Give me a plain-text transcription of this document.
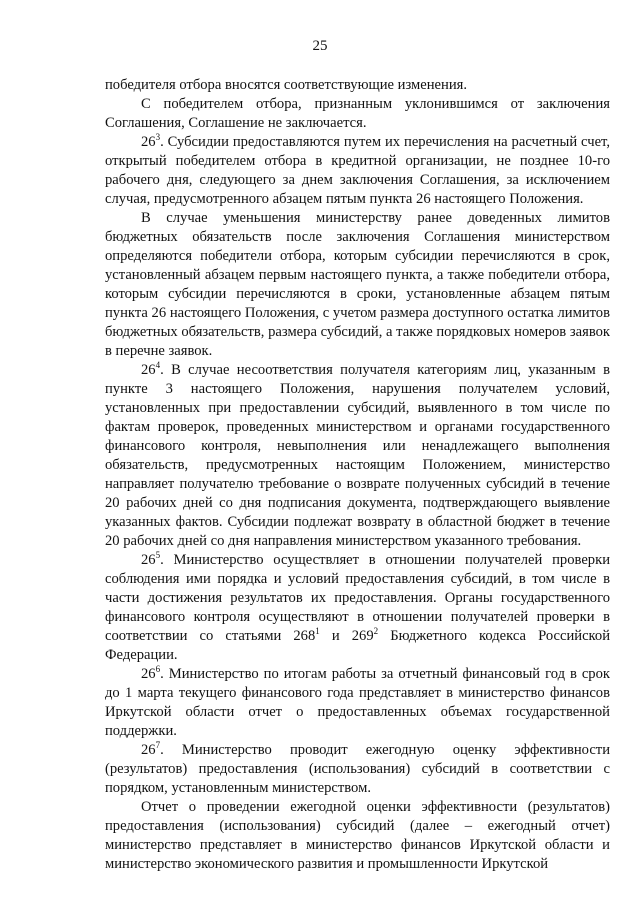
25

победителя отбора вносятся соответствующие изменения.

С победителем отбора, признанным уклонившимся от заключения Соглашения, Соглашение не заключается.

$26^3$. Субсидии предоставляются путем их перечисления на расчетный счет, открытый победителем отбора в кредитной организации, не позднее 10-го рабочего дня, следующего за днем заключения Соглашения, за исключением случая, предусмотренного абзацем пятым пункта 26 настоящего Положения.

В случае уменьшения министерству ранее доведенных лимитов бюджетных обязательств после заключения Соглашения министерством определяются победители отбора, которым субсидии перечисляются в срок, установленный абзацем первым настоящего пункта, а также победители отбора, которым субсидии перечисляются в сроки, установленные абзацем пятым пункта 26 настоящего Положения, с учетом размера доступного остатка лимитов бюджетных обязательств, размера субсидий, а также порядковых номеров заявок в перечне заявок.

$26^4$. В случае несоответствия получателя категориям лиц, указанным в пункте 3 настоящего Положения, нарушения получателем условий, установленных при предоставлении субсидий, выявленного в том числе по фактам проверок, проведенных министерством и органами государственного финансового контроля, невыполнения или ненадлежащего выполнения обязательств, предусмотренных настоящим Положением, министерство направляет получателю требование о возврате полученных субсидий в течение 20 рабочих дней со дня подписания документа, подтверждающего выявление указанных фактов. Субсидии подлежат возврату в областной бюджет в течение 20 рабочих дней со дня направления министерством указанного требования.

$26^5$. Министерство осуществляет в отношении получателей проверки соблюдения ими порядка и условий предоставления субсидий, в том числе в части достижения результатов их предоставления. Органы государственного финансового контроля осуществляют в отношении получателей проверки в соответствии со статьями $268^1$ и $269^2$ Бюджетного кодекса Российской Федерации.

$26^6$. Министерство по итогам работы за отчетный финансовый год в срок до 1 марта текущего финансового года представляет в министерство финансов Иркутской области отчет о предоставленных объемах государственной поддержки.

$26^7$. Министерство проводит ежегодную оценку эффективности (результатов) предоставления (использования) субсидий в соответствии с порядком, установленным министерством.

Отчет о проведении ежегодной оценки эффективности (результатов) предоставления (использования) субсидий (далее – ежегодный отчет) министерство представляет в министерство финансов Иркутской области и министерство экономического развития и промышленности Иркутской
